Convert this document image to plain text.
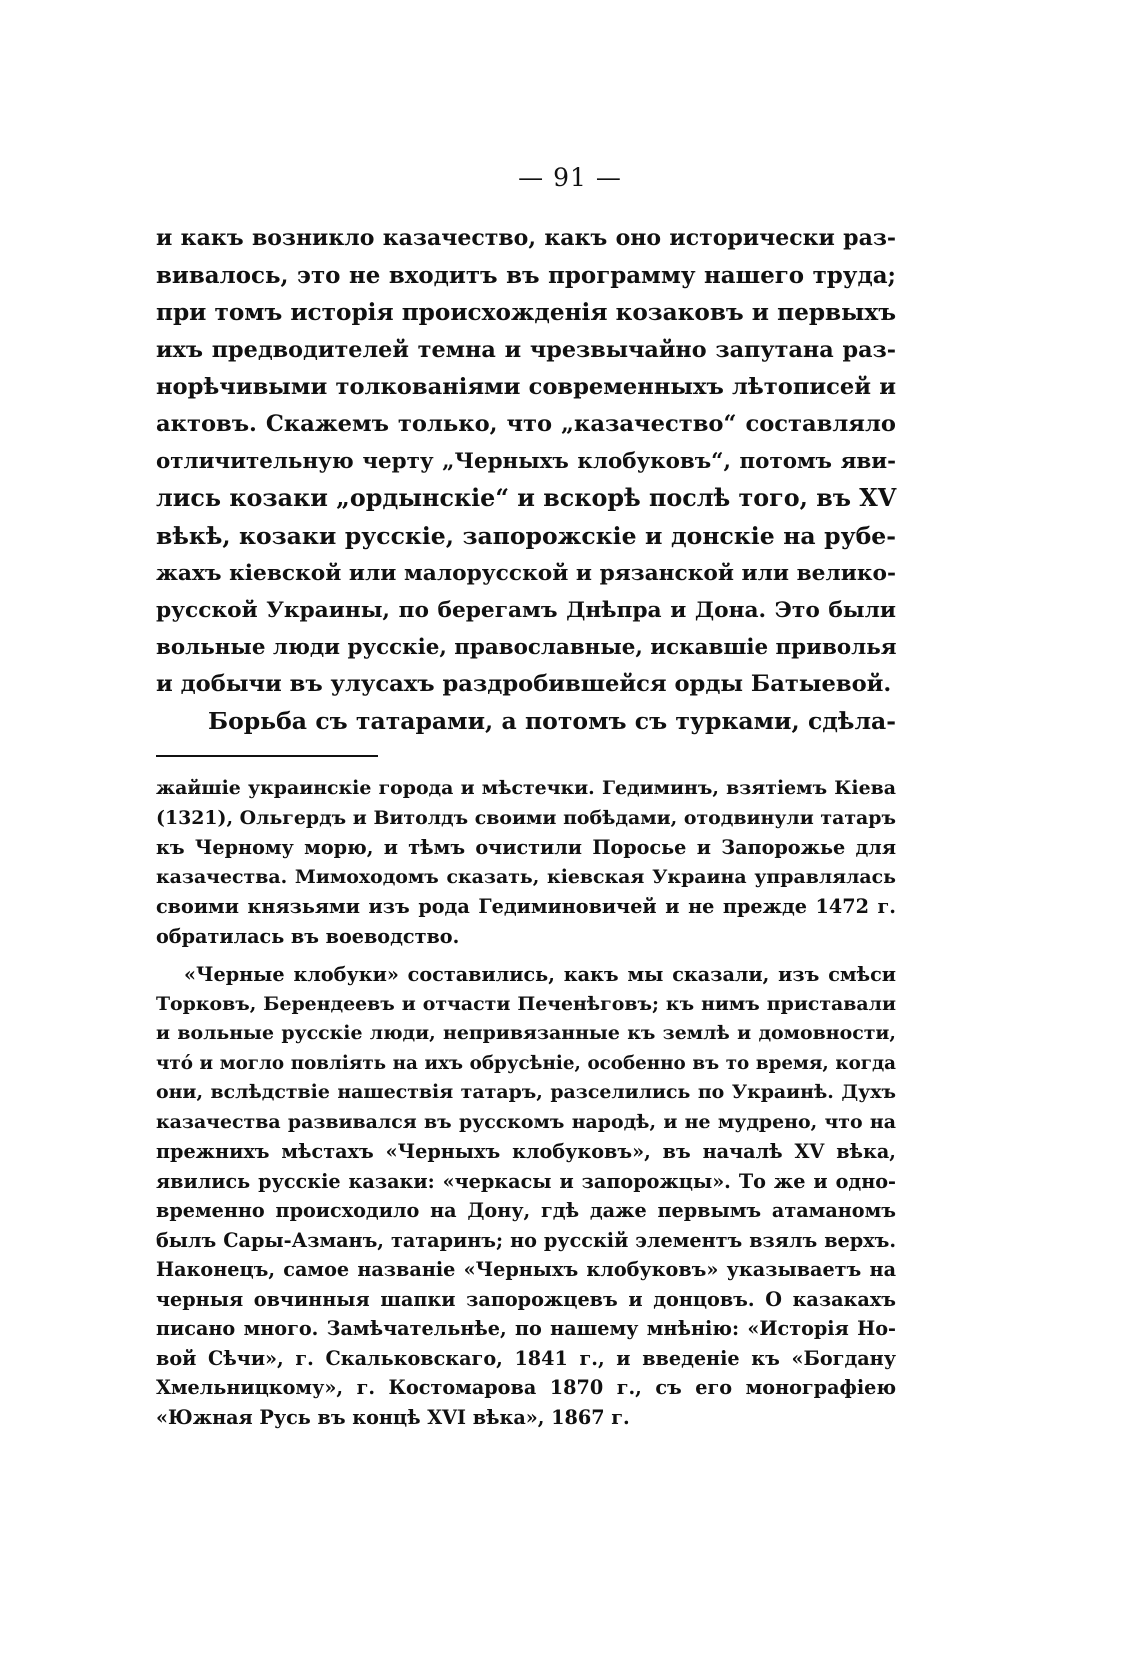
— 91 —
и какъ возникло казачество, какъ оно исторически раз-
вивалось, это не входитъ въ программу нашего труда;
при томъ исторія происхожденія козаковъ и первыхъ
ихъ предводителей темна и чрезвычайно запутана раз-
норѣчивыми толкованіями современныхъ лѣтописей и
актовъ. Скажемъ только, что „казачество“ составляло
отличительную черту „Черныхъ клобуковъ“, потомъ яви-
лись козаки „ордынскіе“ и вскорѣ послѣ того, въ XV
вѣкѣ, козаки русскіе, запорожскіе и донскіе на рубе-
жахъ кіевской или малорусской и рязанской или велико-
русской Украины, по берегамъ Днѣпра и Дона. Это были
вольные люди русскіе, православные, искавшіе приволья
и добычи въ улусахъ раздробившейся орды Батыевой.
Борьба съ татарами, а потомъ съ турками, сдѣла-
жайшіе украинскіе города и мѣстечки. Гедиминъ, взятіемъ Кіева
(1321), Ольгердъ и Витолдъ своими побѣдами, отодвинули татаръ
къ Черному морю, и тѣмъ очистили Поросье и Запорожье для
казачества. Мимоходомъ сказать, кіевская Украина управлялась
своими князьями изъ рода Гедиминовичей и не прежде 1472 г.
обратилась въ воеводство.
«Черные клобуки» составились, какъ мы сказали, изъ смѣси
Торковъ, Берендеевъ и отчасти Печенѣговъ; къ нимъ приставали
и вольные русскіе люди, непривязанные къ землѣ и домовности,
что́ и могло повліять на ихъ обрусѣніе, особенно въ то время, когда
они, вслѣдствіе нашествія татаръ, разселились по Украинѣ. Духъ
казачества развивался въ русскомъ народѣ, и не мудрено, что на
прежнихъ мѣстахъ «Черныхъ клобуковъ», въ началѣ XV вѣка,
явились русскіе казаки: «черкасы и запорожцы». То же и одно-
временно происходило на Дону, гдѣ даже первымъ атаманомъ
былъ Сары-Азманъ, татаринъ; но русскій элементъ взялъ верхъ.
Наконецъ, самое названіе «Черныхъ клобуковъ» указываетъ на
черныя овчинныя шапки запорожцевъ и донцовъ. О казакахъ
писано много. Замѣчательнѣе, по нашему мнѣнію: «Исторія Но-
вой Сѣчи», г. Скальковскаго, 1841 г., и введеніе къ «Богдану
Хмельницкому», г. Костомарова 1870 г., съ его монографіею
«Южная Русь въ концѣ XVI вѣка», 1867 г.
